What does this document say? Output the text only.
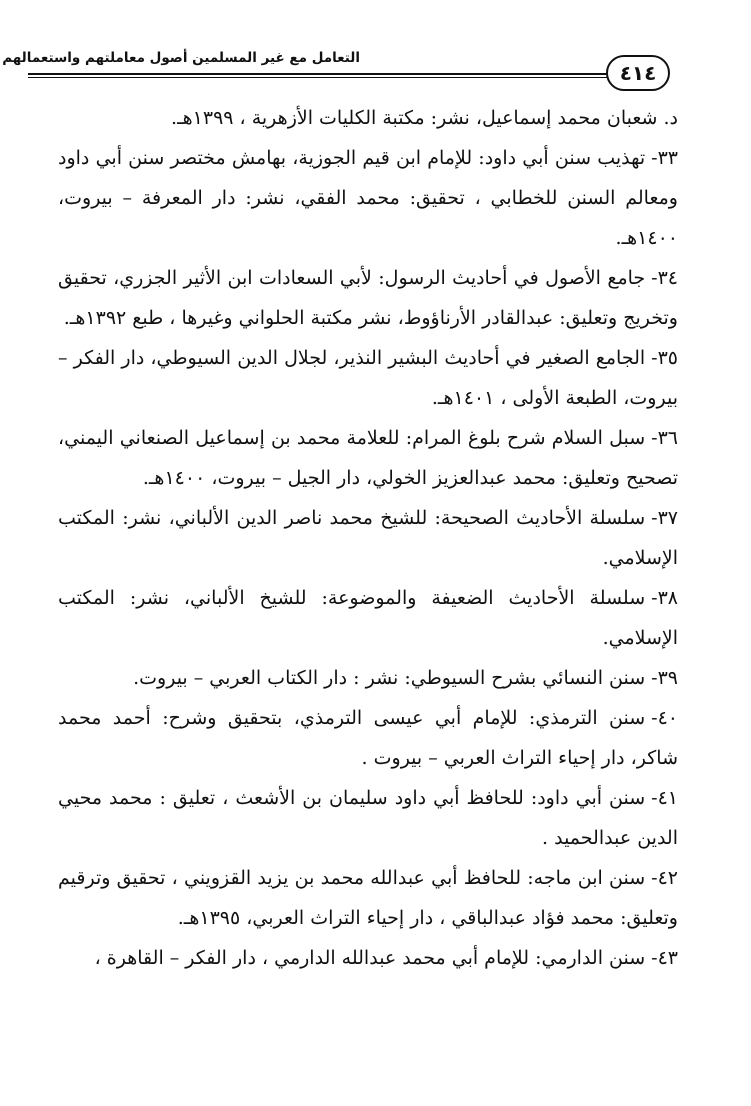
التعامل مع غير المسلمين أصول معاملتهم واستعمالهم
٤١٤

د. شعبان محمد إسماعيل، نشر: مكتبة الكليات الأزهرية ، ١٣٩٩هـ.

٣٣-تهذيب سنن أبي داود: للإمام ابن قيم الجوزية، بهامش مختصر سنن أبي داود ومعالم السنن للخطابي ، تحقيق: محمد الفقي، نشر: دار المعرفة – بيروت، ١٤٠٠هـ.

٣٤-جامع الأصول في أحاديث الرسول: لأبي السعادات ابن الأثير الجزري، تحقيق وتخريج وتعليق: عبدالقادر الأرناؤوط، نشر مكتبة الحلواني وغيرها ، طبع ١٣٩٢هـ.

٣٥-الجامع الصغير في أحاديث البشير النذير، لجلال الدين السيوطي، دار الفكر – بيروت، الطبعة الأولى ، ١٤٠١هـ.

٣٦-سبل السلام شرح بلوغ المرام: للعلامة محمد بن إسماعيل الصنعاني اليمني، تصحيح وتعليق: محمد عبدالعزيز الخولي، دار الجيل – بيروت، ١٤٠٠هـ.

٣٧-سلسلة الأحاديث الصحيحة: للشيخ محمد ناصر الدين الألباني، نشر: المكتب الإسلامي.

٣٨-سلسلة الأحاديث الضعيفة والموضوعة: للشيخ الألباني، نشر: المكتب الإسلامي.

٣٩-سنن النسائي بشرح السيوطي: نشر : دار الكتاب العربي – بيروت.

٤٠-سنن الترمذي: للإمام أبي عيسى الترمذي، بتحقيق وشرح: أحمد محمد شاكر، دار إحياء التراث العربي – بيروت .

٤١-سنن أبي داود: للحافظ أبي داود سليمان بن الأشعث ، تعليق : محمد محيي الدين عبدالحميد .

٤٢-سنن ابن ماجه: للحافظ أبي عبدالله محمد بن يزيد القزويني ، تحقيق وترقيم وتعليق: محمد فؤاد عبدالباقي ، دار إحياء التراث العربي، ١٣٩٥هـ.

٤٣-سنن الدارمي: للإمام أبي محمد عبدالله الدارمي ، دار الفكر – القاهرة ،
